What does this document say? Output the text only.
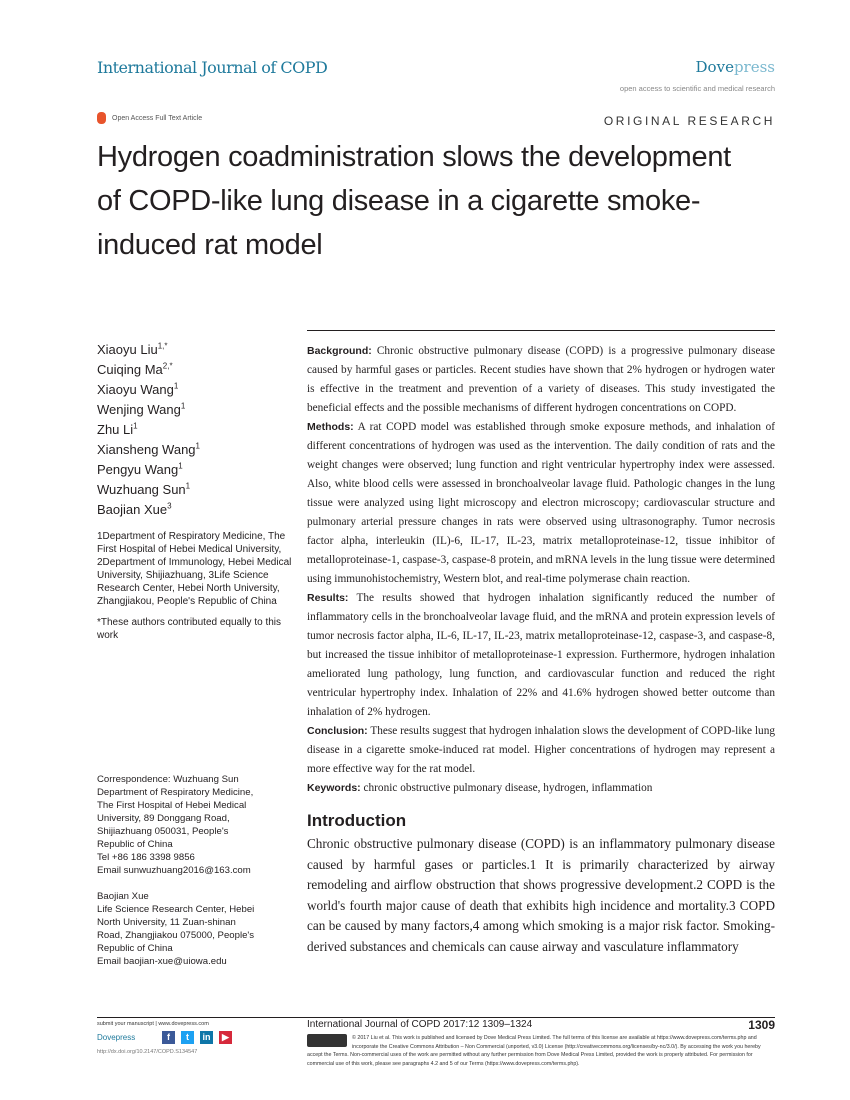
International Journal of COPD	Dovepress
open access to scientific and medical research
Open Access Full Text Article	ORIGINAL RESEARCH
Hydrogen coadministration slows the development of COPD-like lung disease in a cigarette smoke-induced rat model
Xiaoyu Liu$^{1,*}$
Cuiqing $Ma^{2,*}$
Xiaoyu Wang$^1$
Wenjing Wang$^1$
Zhu Li$^1$
Xiansheng Wang$^1$
Pengyu Wang$^1$
Wuzhuang Sun$^1$
Baojian Xue$^3$
1Department of Respiratory Medicine, The First Hospital of Hebei Medical University, 2Department of Immunology, Hebei Medical University, Shijiazhuang, 3Life Science Research Center, Hebei North University, Zhangjiakou, People's Republic of China
*These authors contributed equally to this work
Correspondence: Wuzhuang Sun
Department of Respiratory Medicine,
The First Hospital of Hebei Medical
University, 89 Donggang Road,
Shijiazhuang 050031, People's
Republic of China
Tel +86 186 3398 9856
Email sunwuzhuang2016@163.com
Baojian Xue
Life Science Research Center, Hebei
North University, 11 Zuan-shinan
Road, Zhangjiakou 075000, People's
Republic of China
Email baojian-xue@uiowa.edu

Background: Chronic obstructive pulmonary disease (COPD) is a progressive pulmonary disease caused by harmful gases or particles. Recent studies have shown that 2% hydrogen or hydrogen water is effective in the treatment and prevention of a variety of diseases. This study investigated the beneficial effects and the possible mechanisms of different hydrogen concentrations on COPD.

Methods: A rat COPD model was established through smoke exposure methods, and inhalation of different concentrations of hydrogen was used as the intervention. The daily condition of rats and the weight changes were observed; lung function and right ventricular hypertrophy index were assessed. Also, white blood cells were assessed in bronchoalveolar lavage fluid. Pathologic changes in the lung tissue were analyzed using light microscopy and electron microscopy; cardiovascular structure and pulmonary arterial pressure changes in rats were observed using ultrasonography. Tumor necrosis factor alpha, interleukin (IL)-6, IL-17, IL-23, matrix metalloproteinase-12, tissue inhibitor of metalloproteinase-1, caspase-3, caspase-8 protein, and mRNA levels in the lung tissue were determined using immunohistochemistry, Western blot, and real-time polymerase chain reaction.

Results: The results showed that hydrogen inhalation significantly reduced the number of inflammatory cells in the bronchoalveolar lavage fluid, and the mRNA and protein expression levels of tumor necrosis factor alpha, IL-6, IL-17, IL-23, matrix metalloproteinase-12, caspase-3, and caspase-8, but increased the tissue inhibitor of metalloproteinase-1 expression. Furthermore, hydrogen inhalation ameliorated lung pathology, lung function, and cardiovascular function and reduced the right ventricular hypertrophy index. Inhalation of 22% and 41.6% hydrogen showed better outcome than inhalation of 2% hydrogen.

Conclusion: These results suggest that hydrogen inhalation slows the development of COPD-like lung disease in a cigarette smoke-induced rat model. Higher concentrations of hydrogen may represent a more effective way for the rat model.

Keywords: chronic obstructive pulmonary disease, hydrogen, inflammation

Introduction
Chronic obstructive pulmonary disease (COPD) is an inflammatory pulmonary disease caused by harmful gases or particles.1 It is primarily characterized by airway remodeling and airflow obstruction that shows progressive development.2 COPD is the world's fourth major cause of death that exhibits high incidence and mortality.3 COPD can be caused by many factors,4 among which smoking is a major risk factor. Smoking-derived substances and chemicals can cause airway and vasculature inflammatory
submit your manuscript | www.dovepress.com
Dovepress	f	t	in	▶
http://dx.doi.org/10.2147/COPD.S134547
International Journal of COPD 2017:12 1309–1324	1309
© 2017 Liu et al. This work is published and licensed by Dove Medical Press Limited. The full terms of this license are available at https://www.dovepress.com/terms.php and incorporate the Creative Commons Attribution – Non Commercial (unported, v3.0) License (http://creativecommons.org/licenses/by-nc/3.0/). By accessing the work you hereby accept the Terms. Non-commercial uses of the work are permitted without any further permission from Dove Medical Press Limited, provided the work is properly attributed. For permission for commercial use of this work, please see paragraphs 4.2 and 5 of our Terms (https://www.dovepress.com/terms.php).
